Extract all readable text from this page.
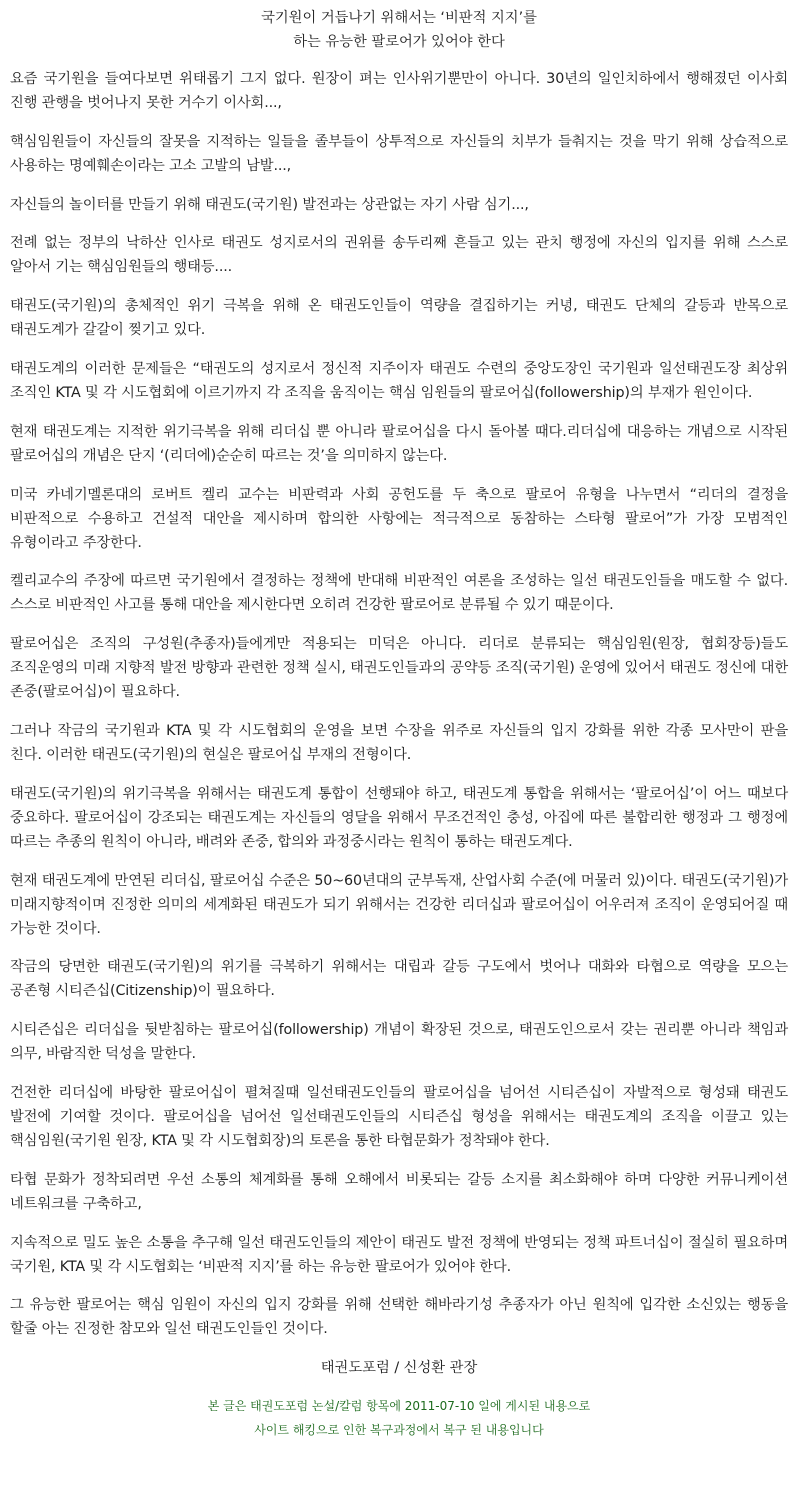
국기원이 거듭나기 위해서는 ‘비판적 지지’를
하는 유능한 팔로어가 있어야 한다

요즘 국기원을 들여다보면 위태롭기 그지 없다. 원장이 펴는 인사위기뿐만이 아니다. 30년의 일인치하에서 행해졌던 이사회 진행 관행을 벗어나지 못한 거수기 이사회...,

핵심임원들이 자신들의 잘못을 지적하는 일들을 졸부들이 상투적으로 자신들의 치부가 들춰지는 것을 막기 위해 상습적으로 사용하는 명예훼손이라는 고소 고발의 남발...,

자신들의 놀이터를 만들기 위해 태권도(국기원) 발전과는 상관없는 자기 사람 심기...,

전례 없는 정부의 낙하산 인사로 태권도 성지로서의 권위를 송두리째 흔들고 있는 관치 행정에 자신의 입지를 위해 스스로 알아서 기는 핵심임원들의 행태등....

태권도(국기원)의 총체적인 위기 극복을 위해 온 태권도인들이 역량을 결집하기는 커녕, 태권도 단체의 갈등과 반목으로 태권도계가 갈갈이 찢기고 있다.

태권도계의 이러한 문제들은 “태권도의 성지로서 정신적 지주이자 태권도 수련의 중앙도장인 국기원과 일선태권도장 최상위 조직인 KTA 및 각 시도협회에 이르기까지 각 조직을 움직이는 핵심 임원들의 팔로어십(followership)의 부재가 원인이다.

현재 태권도계는 지적한 위기극복을 위해 리더십 뿐 아니라 팔로어십을 다시 돌아볼 때다.리더십에 대응하는 개념으로 시작된 팔로어십의 개념은 단지 ‘(리더에)순순히 따르는 것’을 의미하지 않는다.

미국 카네기멜론대의 로버트 켈리 교수는 비판력과 사회 공헌도를 두 축으로 팔로어 유형을 나누면서 “리더의 결정을 비판적으로 수용하고 건설적 대안을 제시하며 합의한 사항에는 적극적으로 동참하는 스타형 팔로어”가 가장 모범적인 유형이라고 주장한다.

켈리교수의 주장에 따르면 국기원에서 결정하는 정책에 반대해 비판적인 여론을 조성하는 일선 태권도인들을 매도할 수 없다. 스스로 비판적인 사고를 통해 대안을 제시한다면 오히려 건강한 팔로어로 분류될 수 있기 때문이다.

팔로어십은 조직의 구성원(추종자)들에게만 적용되는 미덕은 아니다. 리더로 분류되는 핵심임원(원장, 협회장등)들도 조직운영의 미래 지향적 발전 방향과 관련한 정책 실시, 태권도인들과의 공약등 조직(국기원) 운영에 있어서 태권도 정신에 대한 존중(팔로어십)이 필요하다.

그러나 작금의 국기원과 KTA 및 각 시도협회의 운영을 보면 수장을 위주로 자신들의 입지 강화를 위한 각종 모사만이 판을 친다. 이러한 태권도(국기원)의 현실은 팔로어십 부재의 전형이다.

태권도(국기원)의 위기극복을 위해서는 태권도계 통합이 선행돼야 하고, 태권도계 통합을 위해서는 ‘팔로어십’이 어느 때보다 중요하다. 팔로어십이 강조되는 태권도계는 자신들의 영달을 위해서 무조건적인 충성, 아집에 따른 불합리한 행정과 그 행정에 따르는 추종의 원칙이 아니라, 배려와 존중, 합의와 과정중시라는 원칙이 통하는 태권도계다.

현재 태권도계에 만연된 리더십, 팔로어십 수준은 50~60년대의 군부독재, 산업사회 수준(에 머물러 있)이다. 태권도(국기원)가 미래지향적이며 진정한 의미의 세계화된 태권도가 되기 위해서는 건강한 리더십과 팔로어십이 어우러져 조직이 운영되어질 때 가능한 것이다.

작금의 당면한 태권도(국기원)의 위기를 극복하기 위해서는 대립과 갈등 구도에서 벗어나 대화와 타협으로 역량을 모으는 공존형 시티즌십(Citizenship)이 필요하다.

시티즌십은 리더십을 뒷받침하는 팔로어십(followership) 개념이 확장된 것으로, 태권도인으로서 갖는 권리뿐 아니라 책임과 의무, 바람직한 덕성을 말한다.

건전한 리더십에 바탕한 팔로어십이 펼쳐질때 일선태권도인들의 팔로어십을 넘어선 시티즌십이 자발적으로 형성돼 태권도 발전에 기여할 것이다. 팔로어십을 넘어선 일선태권도인들의 시티즌십 형성을 위해서는 태권도계의 조직을 이끌고 있는 핵심임원(국기원 원장, KTA 및 각 시도협회장)의 토론을 통한 타협문화가 정착돼야 한다.

타협 문화가 정착되려면 우선 소통의 체계화를 통해 오해에서 비롯되는 갈등 소지를 최소화해야 하며 다양한 커뮤니케이션 네트워크를 구축하고,

지속적으로 밀도 높은 소통을 추구해 일선 태권도인들의 제안이 태권도 발전 정책에 반영되는 정책 파트너십이 절실히 필요하며 국기원, KTA 및 각 시도협회는 ‘비판적 지지’를 하는 유능한 팔로어가 있어야 한다.

그 유능한 팔로어는 핵심 임원이 자신의 입지 강화를 위해 선택한 해바라기성 추종자가 아닌 원칙에 입각한 소신있는 행동을 할줄 아는 진정한 참모와 일선 태권도인들인 것이다.

태권도포럼 / 신성환 관장

본 글은 태권도포럼 논설/칼럼 항목에 2011-07-10 일에 게시된 내용으로
사이트 해킹으로 인한 복구과정에서 복구 된 내용입니다
